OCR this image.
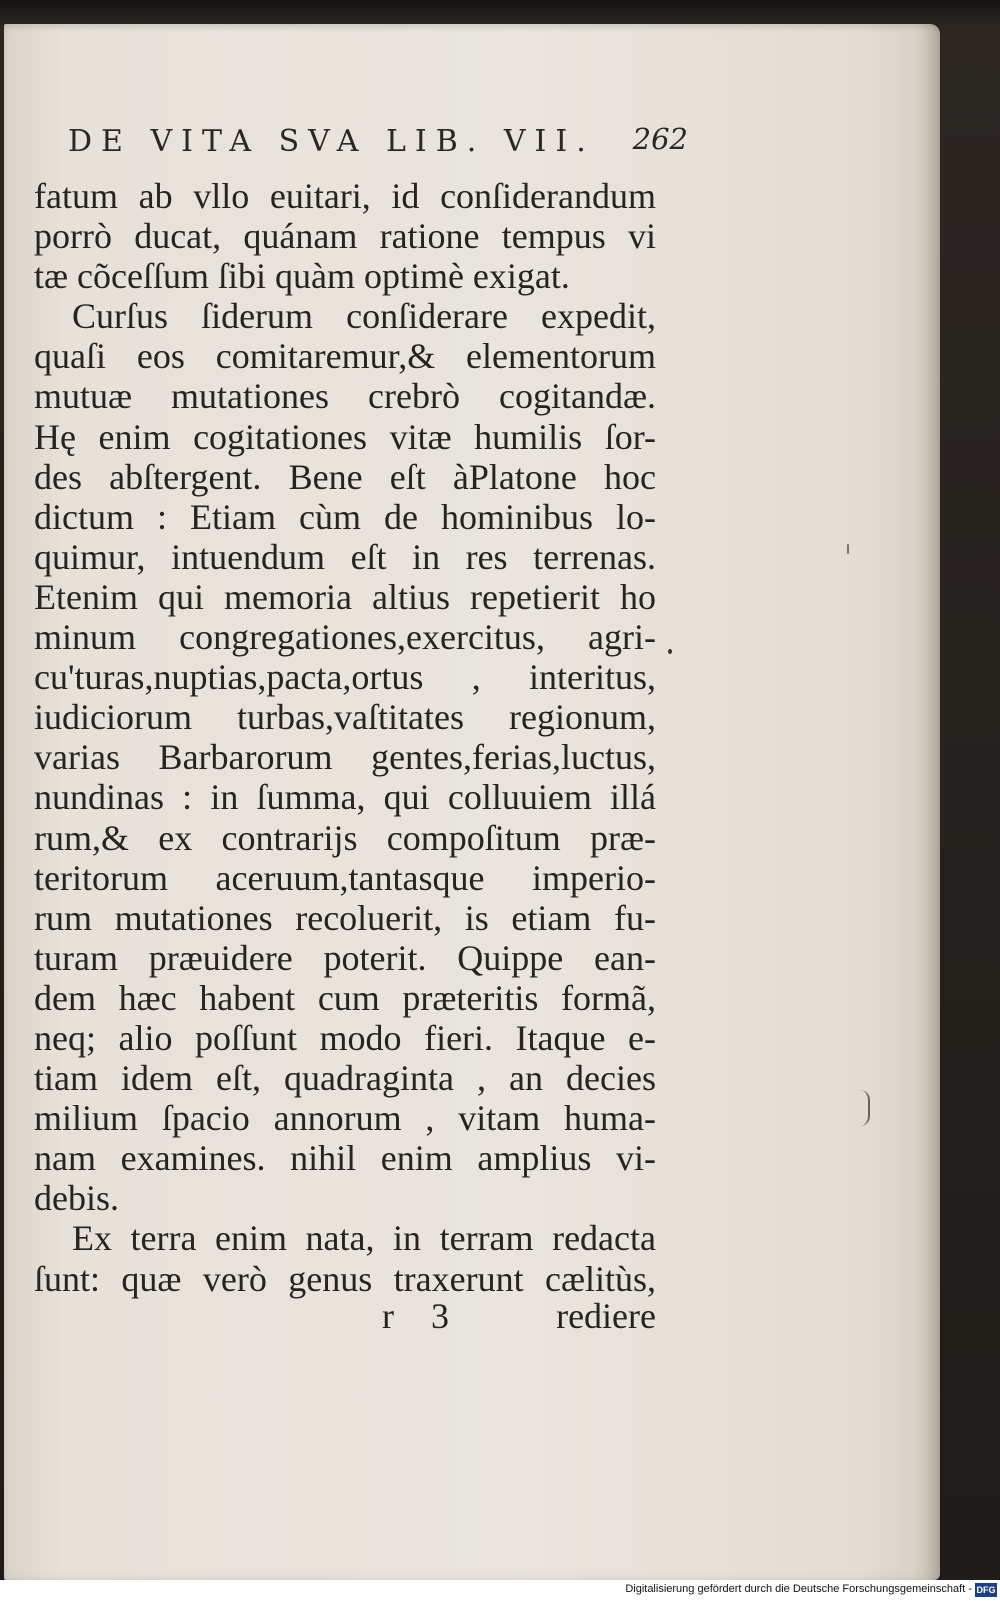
DE VITA SVA LIB. VII. 262
fatum ab vllo euitari, id conſiderandum
porrò ducat, quánam ratione tempus vi
tæ cõceſſum ſibi quàm optimè exigat.
Curſus ſiderum conſiderare expedit,
quaſi eos comitaremur,& elementorum
mutuæ mutationes crebrò cogitandæ.
Hę enim cogitationes vitæ humilis ſor-
des abſtergent. Bene eſt àPlatone hoc
dictum : Etiam cùm de hominibus lo-
quimur, intuendum eſt in res terrenas.
Etenim qui memoria altius repetierit ho
minum congregationes,exercitus, agri-
cu'turas,nuptias,pacta,ortus , interitus,
iudiciorum turbas,vaſtitates regionum,
varias Barbarorum gentes,ferias,luctus,
nundinas : in ſumma, qui colluuiem illá
rum,& ex contrarijs compoſitum præ-
teritorum aceruum,tantasque imperio-
rum mutationes recoluerit, is etiam fu-
turam præuidere poterit. Quippe ean-
dem hæc habent cum præteritis formã,
neq; alio poſſunt modo fieri. Itaque e-
tiam idem eſt, quadraginta , an decies
milium ſpacio annorum , vitam huma-
nam examines. nihil enim amplius vi-
debis.
Ex terra enim nata, in terram redacta
ſunt: quæ verò genus traxerunt cælitùs,
r 3	rediere
Digitalisierung gefördert durch die Deutsche Forschungsgemeinschaft - DFG
